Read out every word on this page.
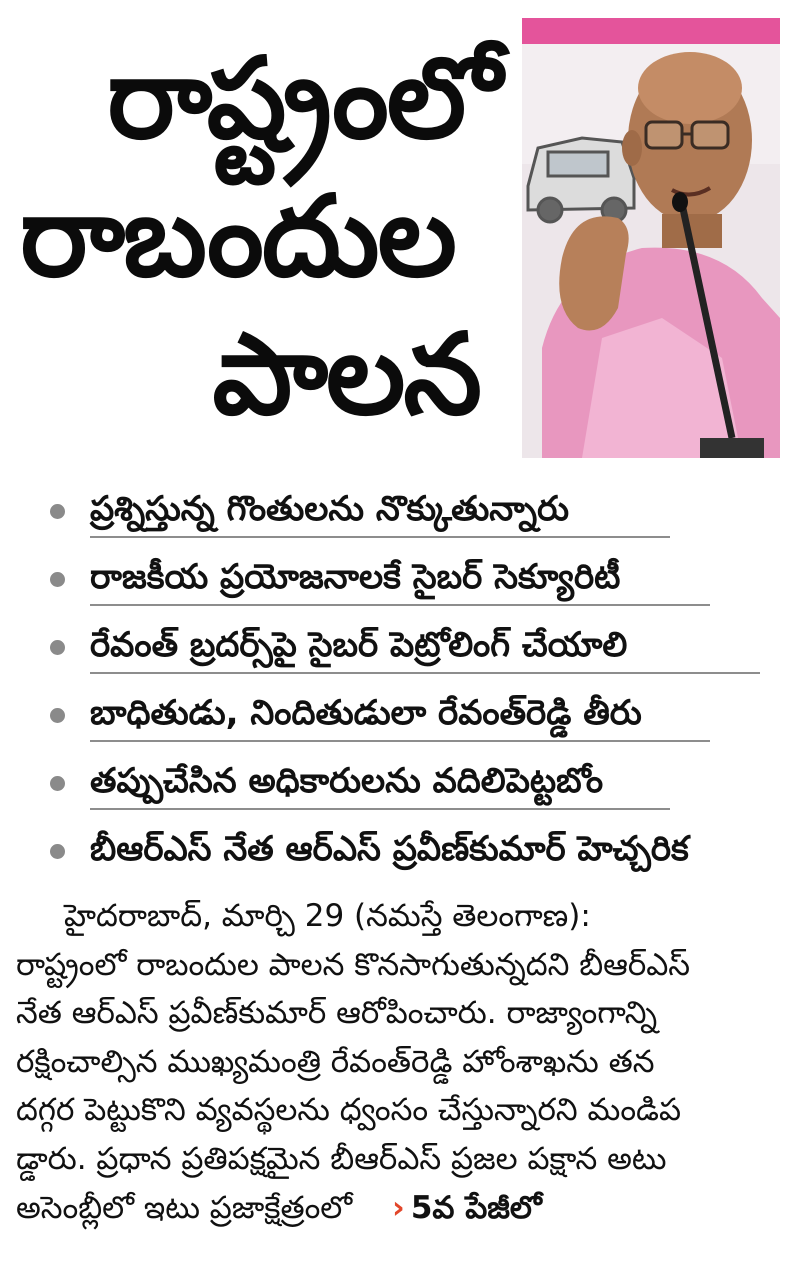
రాష్ట్రంలో
రాబందుల
పాలన
ప్రశ్నిస్తున్న గొంతులను నొక్కుతున్నారు
రాజకీయ ప్రయోజనాలకే సైబర్ సెక్యూరిటీ
రేవంత్ బ్రదర్స్‌పై సైబర్ పెట్రోలింగ్ చేయాలి
బాధితుడు, నిందితుడులా రేవంత్‌రెడ్డి తీరు
తప్పుచేసిన అధికారులను వదిలిపెట్టబోం
బీఆర్‌ఎస్ నేత ఆర్‌ఎస్ ప్రవీణ్‌కుమార్ హెచ్చరిక
హైదరాబాద్, మార్చి 29 (నమస్తే తెలంగాణ):
రాష్ట్రంలో రాబందుల పాలన కొనసాగుతున్నదని బీఆర్‌ఎస్
నేత ఆర్‌ఎస్ ప్రవీణ్‌కుమార్ ఆరోపించారు. రాజ్యాంగాన్ని
రక్షించాల్సిన ముఖ్యమంత్రి రేవంత్‌రెడ్డి హోంశాఖను తన
దగ్గర పెట్టుకొని వ్యవస్థలను ధ్వంసం చేస్తున్నారని మండిప
డ్డారు. ప్రధాన ప్రతిపక్షమైన బీఆర్‌ఎస్ ప్రజల పక్షాన అటు
అసెంబ్లీలో ఇటు ప్రజాక్షేత్రంలో › 5వ పేజీలో
